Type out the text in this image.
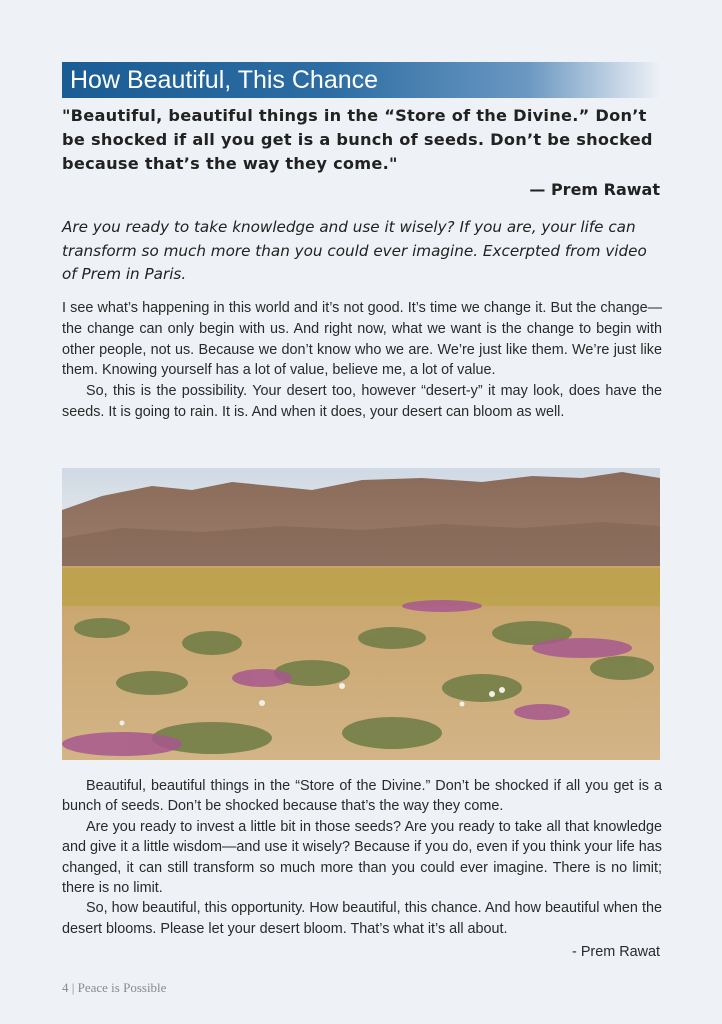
How Beautiful, This Chance

"Beautiful, beautiful things in the “Store of the Divine.” Don’t be shocked if all you get is a bunch of seeds. Don’t be shocked because that’s the way they come."

— Prem Rawat

Are you ready to take knowledge and use it wisely? If you are, your life can transform so much more than you could ever imagine. Excerpted from video of Prem in Paris.

I see what’s happening in this world and it’s not good. It’s time we change it. But the change—the change can only begin with us. And right now, what we want is the change to begin with other people, not us. Because we don’t know who we are. We’re just like them. We’re just like them. Knowing yourself has a lot of value, believe me, a lot of value.

So, this is the possibility. Your desert too, however “desert-y” it may look, does have the seeds. It is going to rain. It is. And when it does, your desert can bloom as well.

Beautiful, beautiful things in the “Store of the Divine.” Don’t be shocked if all you get is a bunch of seeds. Don’t be shocked because that’s the way they come.

Are you ready to invest a little bit in those seeds? Are you ready to take all that knowledge and give it a little wisdom—and use it wisely? Because if you do, even if you think your life has changed, it can still transform so much more than you could ever imagine. There is no limit; there is no limit.

So, how beautiful, this opportunity. How beautiful, this chance. And how beautiful when the desert blooms. Please let your desert bloom. That’s what it’s all about.

- Prem Rawat
4 | Peace is Possible
